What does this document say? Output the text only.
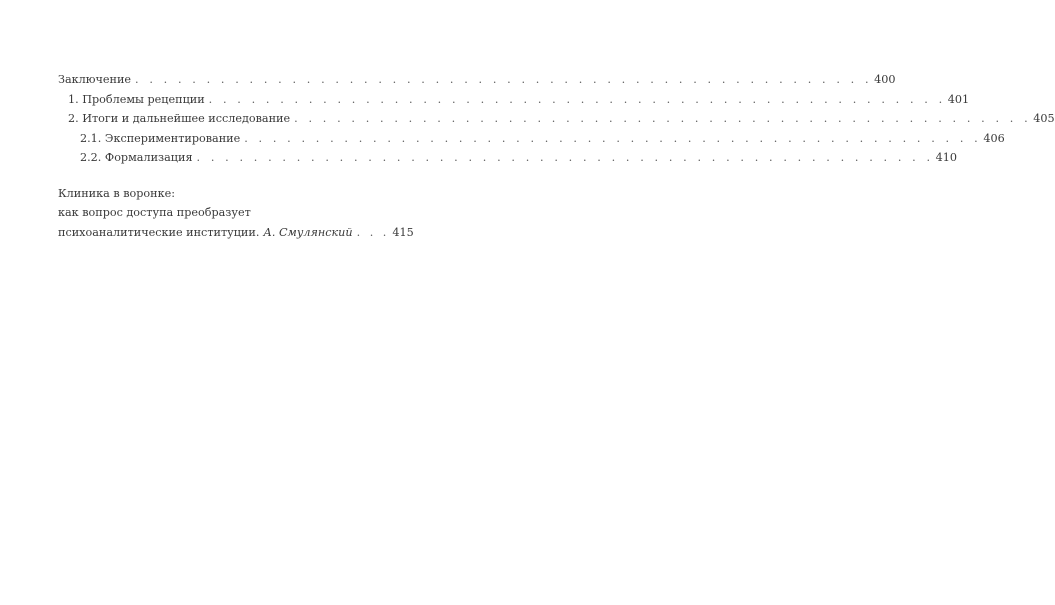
Заключение . . .	400
1. Проблемы рецепции . . .	401
2. Итоги и дальнейшее исследование . . .	405
2.1. Экспериментирование . . .	406
2.2. Формализация . . .	410
Клиника в воронке:
как вопрос доступа преобразует
психоаналитические институции. А. Смулянский . . . 415
